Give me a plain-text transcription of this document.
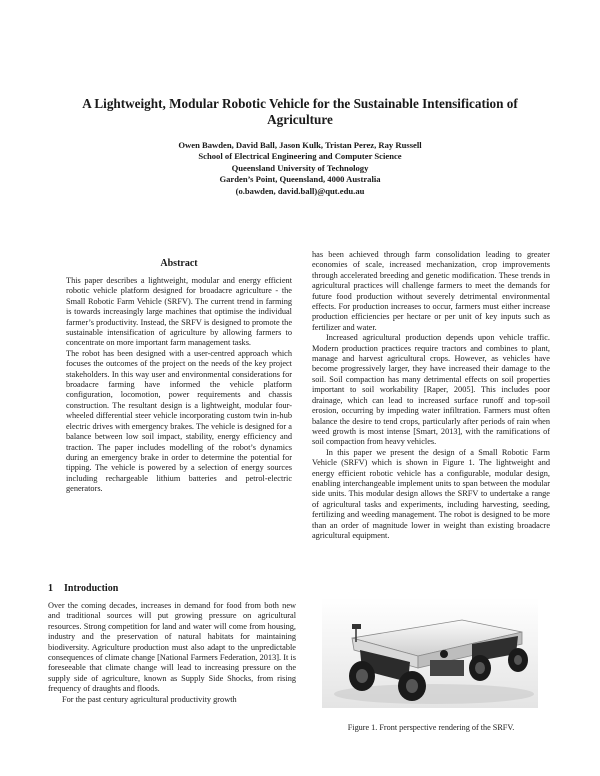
A Lightweight, Modular Robotic Vehicle for the Sustainable Intensification of
Agriculture
Owen Bawden, David Ball, Jason Kulk, Tristan Perez, Ray Russell
School of Electrical Engineering and Computer Science
Queensland University of Technology
Garden’s Point, Queensland, 4000 Australia
(o.bawden, david.ball)@qut.edu.au
Abstract

This paper describes a lightweight, modular and energy efficient robotic vehicle platform designed for broadacre agriculture - the Small Robotic Farm Vehicle (SRFV). The current trend in farming is towards increasingly large machines that optimise the individual farmer’s productivity. Instead, the SRFV is designed to promote the sustainable intensification of agriculture by allowing farmers to concentrate on more important farm management tasks.

The robot has been designed with a user-centred approach which focuses the outcomes of the project on the needs of the key project stakeholders. In this way user and environmental considerations for broadacre farming have informed the vehicle platform configuration, locomotion, power requirements and chassis construction. The resultant design is a lightweight, modular four-wheeled differential steer vehicle incorporating custom twin in-hub electric drives with emergency brakes. The vehicle is designed for a balance between low soil impact, stability, energy efficiency and traction. The paper includes modelling of the robot’s dynamics during an emergency brake in order to determine the potential for tipping. The vehicle is powered by a selection of energy sources including rechargeable lithium batteries and petrol-electric generators.

1 Introduction

Over the coming decades, increases in demand for food from both new and traditional sources will put growing pressure on agricultural resources. Strong competition for land and water will come from housing, industry and the preservation of natural habitats for maintaining biodiversity. Agriculture production must also adapt to the unpredictable consequences of climate change [National Farmers Federation, 2013]. It is foreseeable that climate change will lead to increasing pressure on the supply side of agriculture, known as Supply Side Shocks, from rising frequency of draughts and floods.

For the past century agricultural productivity growth

has been achieved through farm consolidation leading to greater economies of scale, increased mechanization, crop improvements through accelerated breeding and genetic modification. These trends in agricultural practices will challenge farmers to meet the demands for future food production without severely detrimental environmental effects. For production increases to occur, farmers must either increase production efficiencies per hectare or per unit of key inputs such as fertilizer and water.

Increased agricultural production depends upon vehicle traffic. Modern production practices require tractors and combines to plant, manage and harvest agricultural crops. However, as vehicles have become progressively larger, they have increased their damage to the soil. Soil compaction has many detrimental effects on soil properties important to soil workability [Raper, 2005]. This includes poor drainage, which can lead to increased surface runoff and top-soil erosion, occurring by impeding water infiltration. Farmers must often balance the desire to tend crops, particularly after periods of rain when weed growth is most intense [Smart, 2013], with the ramifications of soil compaction from heavy vehicles.

In this paper we present the design of a Small Robotic Farm Vehicle (SRFV) which is shown in Figure 1. The lightweight and energy efficient robotic vehicle has a configurable, modular design, enabling interchangeable implement units to span between the modular side units. This modular design allows the SRFV to undertake a range of agricultural tasks and experiments, including harvesting, seeding, fertilizing and weeding management. The robot is designed to be more than an order of magnitude lower in weight than existing broadacre agricultural equipment.

Figure 1. Front perspective rendering of the SRFV.
